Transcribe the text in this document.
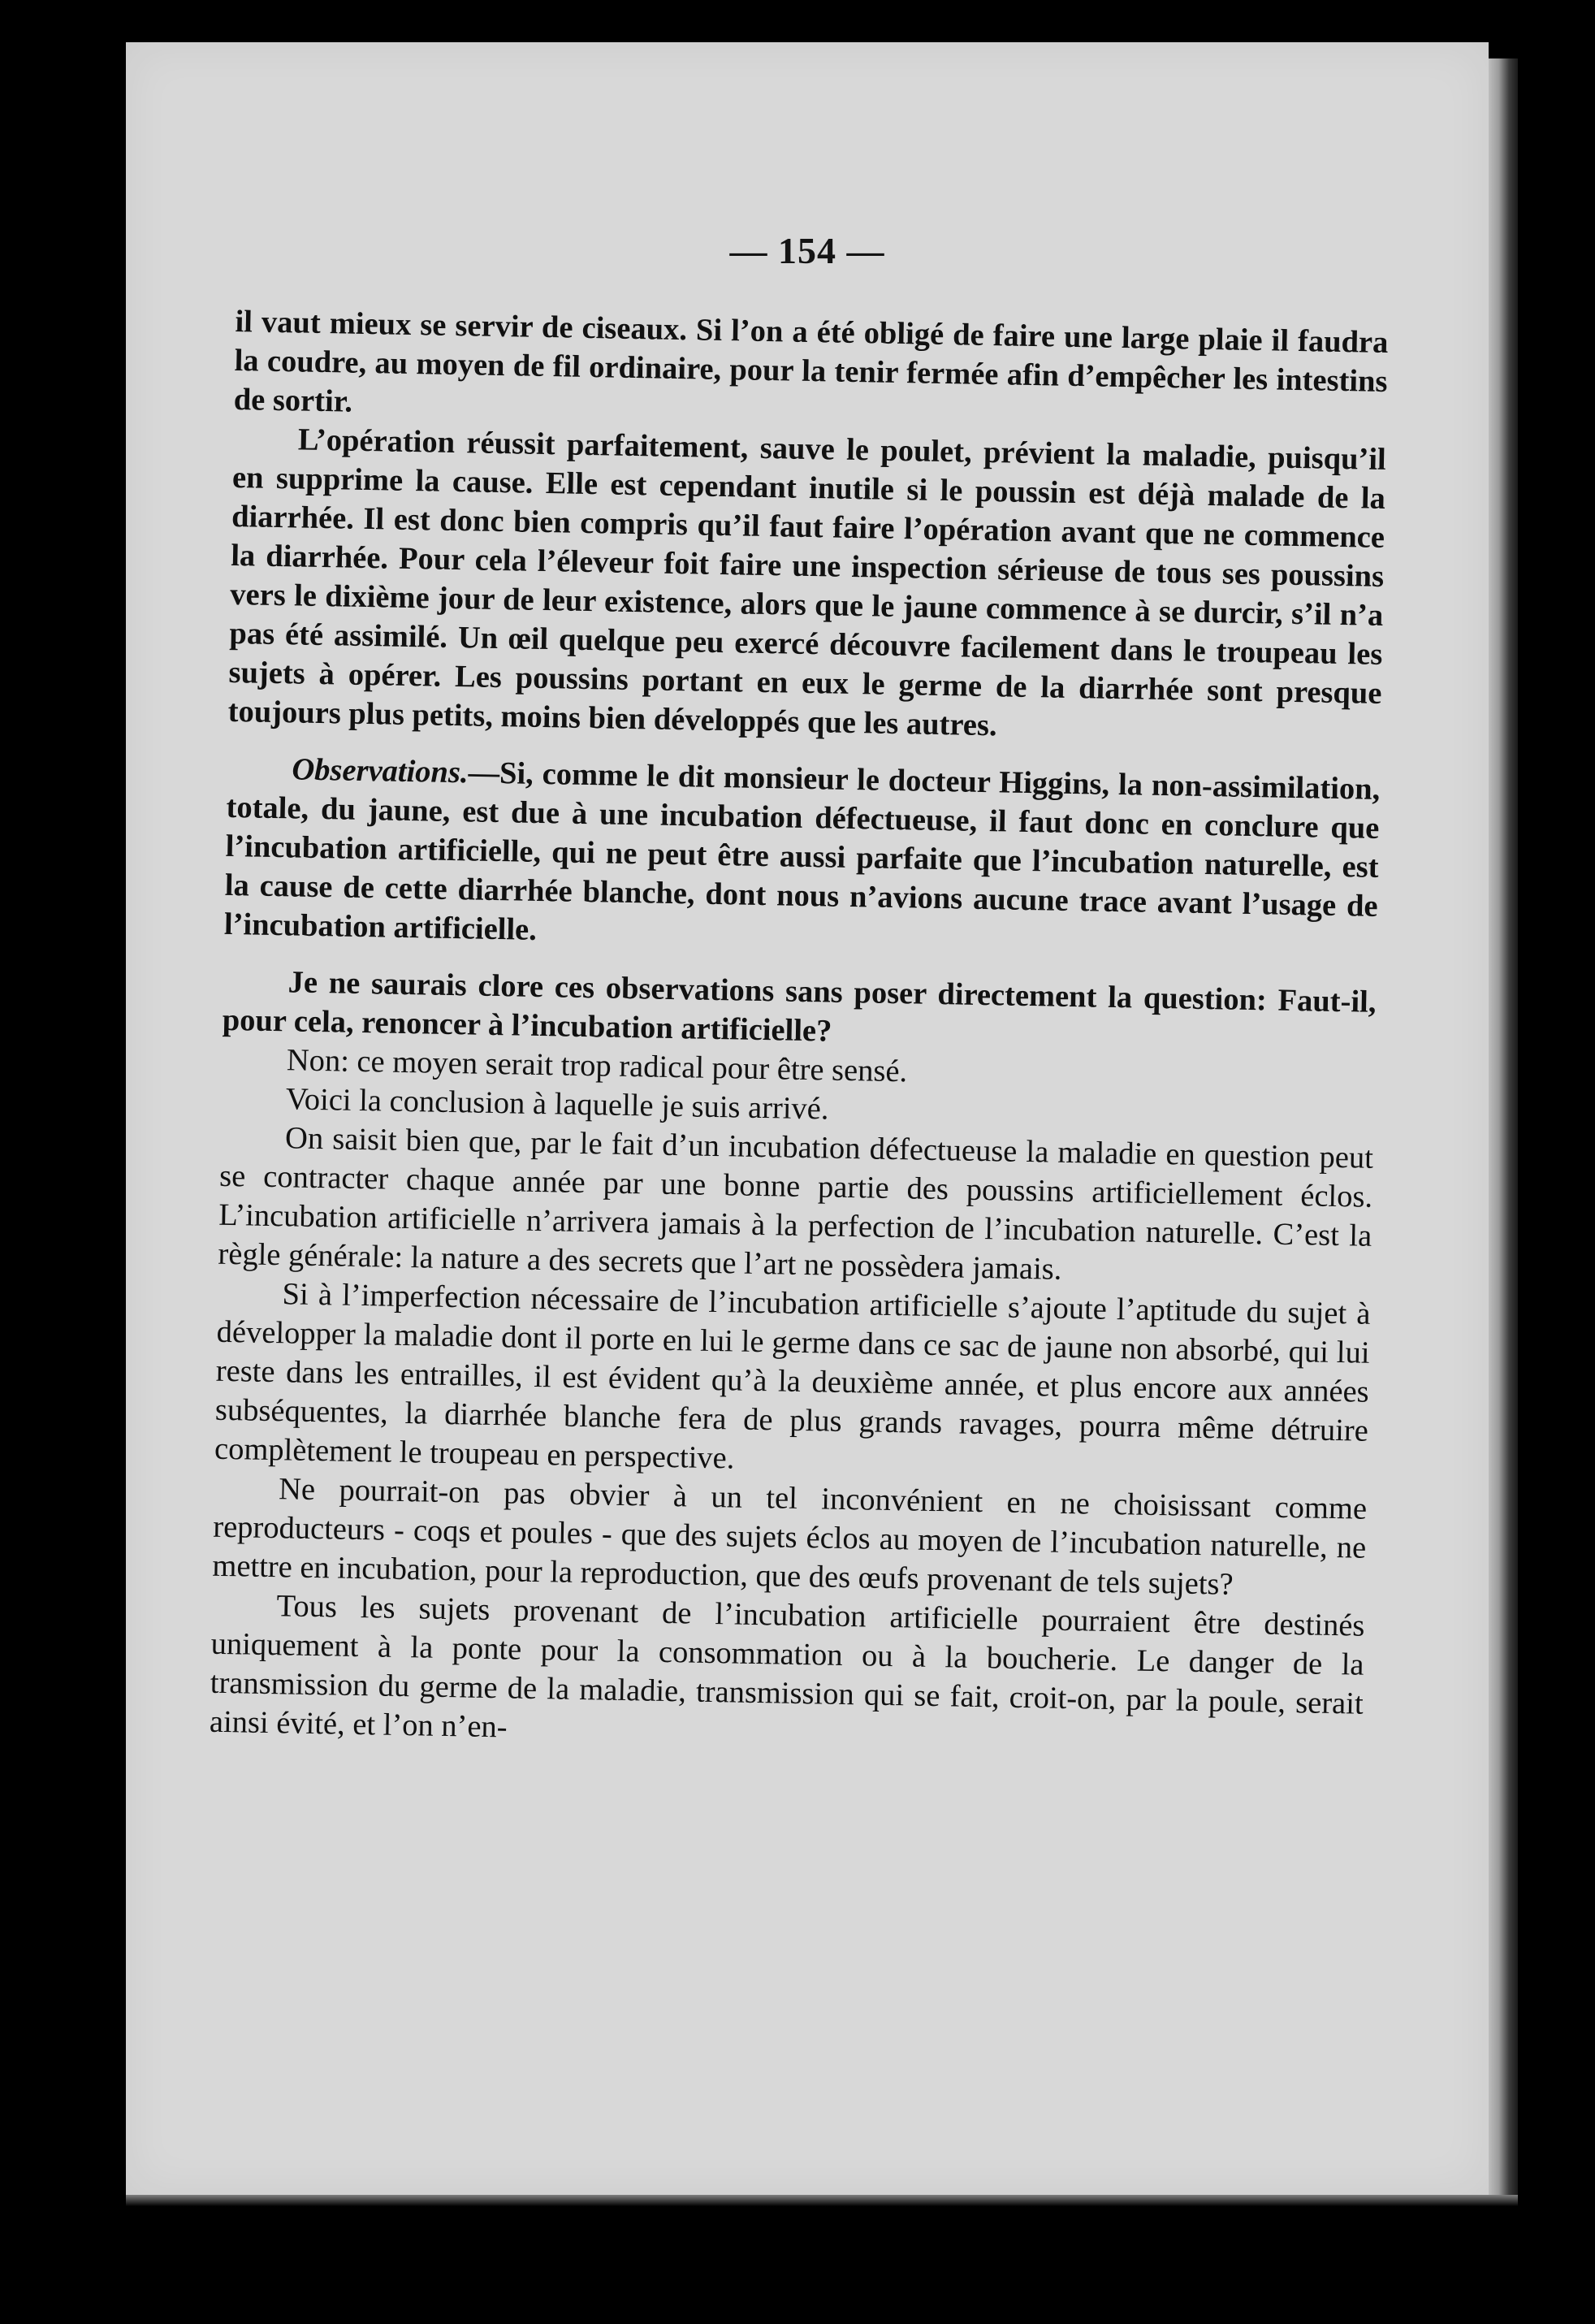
— 154 —

il vaut mieux se servir de ciseaux. Si l’on a été obligé de faire une large plaie il faudra la coudre, au moyen de fil ordinaire, pour la tenir fermée afin d’empêcher les intestins de sortir.

L’opération réussit parfaitement, sauve le poulet, prévient la maladie, puisqu’il en supprime la cause. Elle est cependant inutile si le poussin est déjà malade de la diarrhée. Il est donc bien compris qu’il faut faire l’opération avant que ne commence la diarrhée. Pour cela l’éleveur foit faire une inspection sérieuse de tous ses poussins vers le dixième jour de leur existence, alors que le jaune commence à se durcir, s’il n’a pas été assimilé. Un œil quelque peu exercé découvre facilement dans le troupeau les sujets à opérer. Les poussins portant en eux le germe de la diarrhée sont presque toujours plus petits, moins bien développés que les autres.

Observations.—Si, comme le dit monsieur le docteur Higgins, la non-assimilation, totale, du jaune, est due à une incubation défectueuse, il faut donc en conclure que l’incubation artificielle, qui ne peut être aussi parfaite que l’incubation naturelle, est la cause de cette diarrhée blanche, dont nous n’avions aucune trace avant l’usage de l’incubation artificielle.

Je ne saurais clore ces observations sans poser directement la question: Faut-il, pour cela, renoncer à l’incubation artificielle?

Non: ce moyen serait trop radical pour être sensé.

Voici la conclusion à laquelle je suis arrivé.

On saisit bien que, par le fait d’un incubation défectueuse la maladie en question peut se contracter chaque année par une bonne partie des poussins artificiellement éclos. L’incubation artificielle n’arrivera jamais à la perfection de l’incubation naturelle. C’est la règle générale: la nature a des secrets que l’art ne possèdera jamais.

Si à l’imperfection nécessaire de l’incubation artificielle s’ajoute l’aptitude du sujet à développer la maladie dont il porte en lui le germe dans ce sac de jaune non absorbé, qui lui reste dans les entrailles, il est évident qu’à la deuxième année, et plus encore aux années subséquentes, la diarrhée blanche fera de plus grands ravages, pourra même détruire complètement le troupeau en perspective.

Ne pourrait-on pas obvier à un tel inconvénient en ne choisissant comme reproducteurs - coqs et poules - que des sujets éclos au moyen de l’incubation naturelle, ne mettre en incubation, pour la reproduction, que des œufs provenant de tels sujets?

Tous les sujets provenant de l’incubation artificielle pourraient être destinés uniquement à la ponte pour la consommation ou à la boucherie. Le danger de la transmission du germe de la maladie, transmission qui se fait, croit-on, par la poule, serait ainsi évité, et l’on n’en-
